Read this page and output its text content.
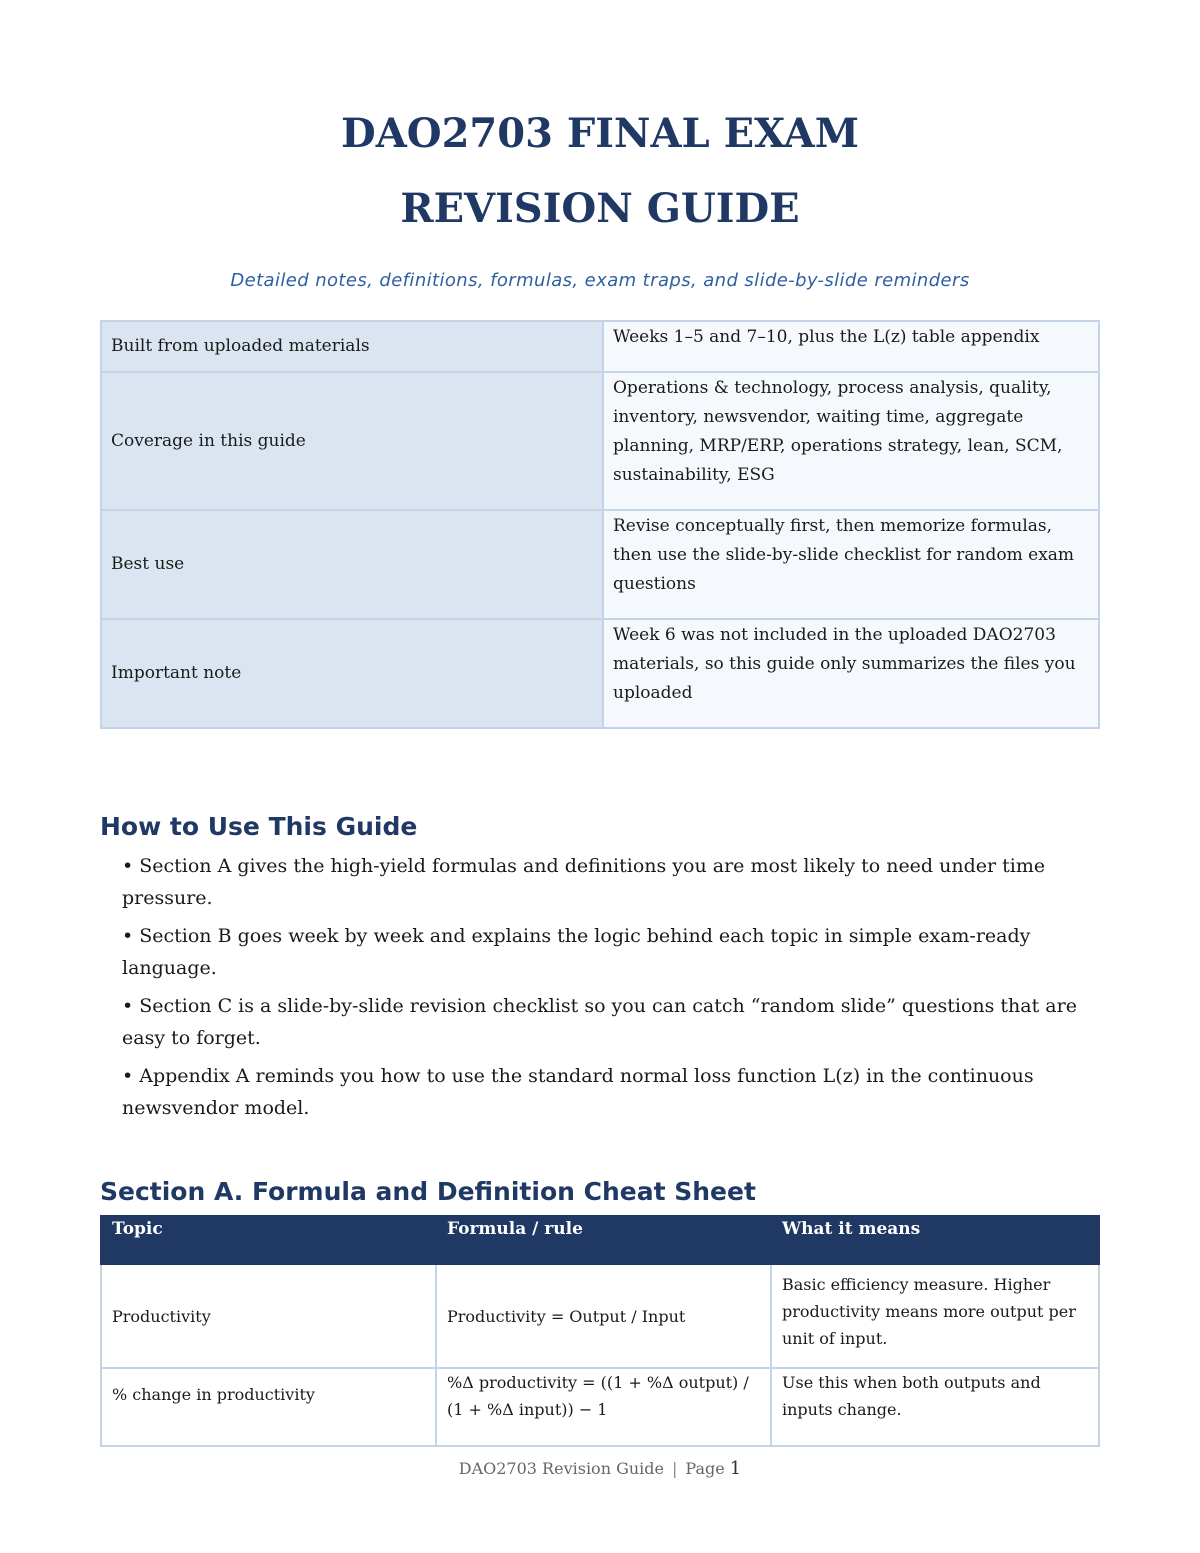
DAO2703 FINAL EXAM
REVISION GUIDE
Detailed notes, definitions, formulas, exam traps, and slide-by-slide reminders
Built from uploaded materials	Weeks 1–5 and 7–10, plus the L(z) table appendix
Coverage in this guide	Operations & technology, process analysis, quality, inventory, newsvendor, waiting time, aggregate planning, MRP/ERP, operations strategy, lean, SCM, sustainability, ESG
Best use	Revise conceptually first, then memorize formulas, then use the slide-by-slide checklist for random exam questions
Important note	Week 6 was not included in the uploaded DAO2703 materials, so this guide only summarizes the files you uploaded
How to Use This Guide
• Section A gives the high-yield formulas and definitions you are most likely to need under time pressure.
• Section B goes week by week and explains the logic behind each topic in simple exam-ready language.
• Section C is a slide-by-slide revision checklist so you can catch “random slide” questions that are easy to forget.
• Appendix A reminds you how to use the standard normal loss function L(z) in the continuous newsvendor model.
Section A. Formula and Definition Cheat Sheet
Topic	Formula / rule	What it means
Productivity	Productivity = Output / Input	Basic efficiency measure. Higher productivity means more output per unit of input.
% change in productivity	%Δ productivity = ((1 + %Δ output) / (1 + %Δ input)) − 1	Use this when both outputs and inputs change.
DAO2703 Revision Guide | Page 1
